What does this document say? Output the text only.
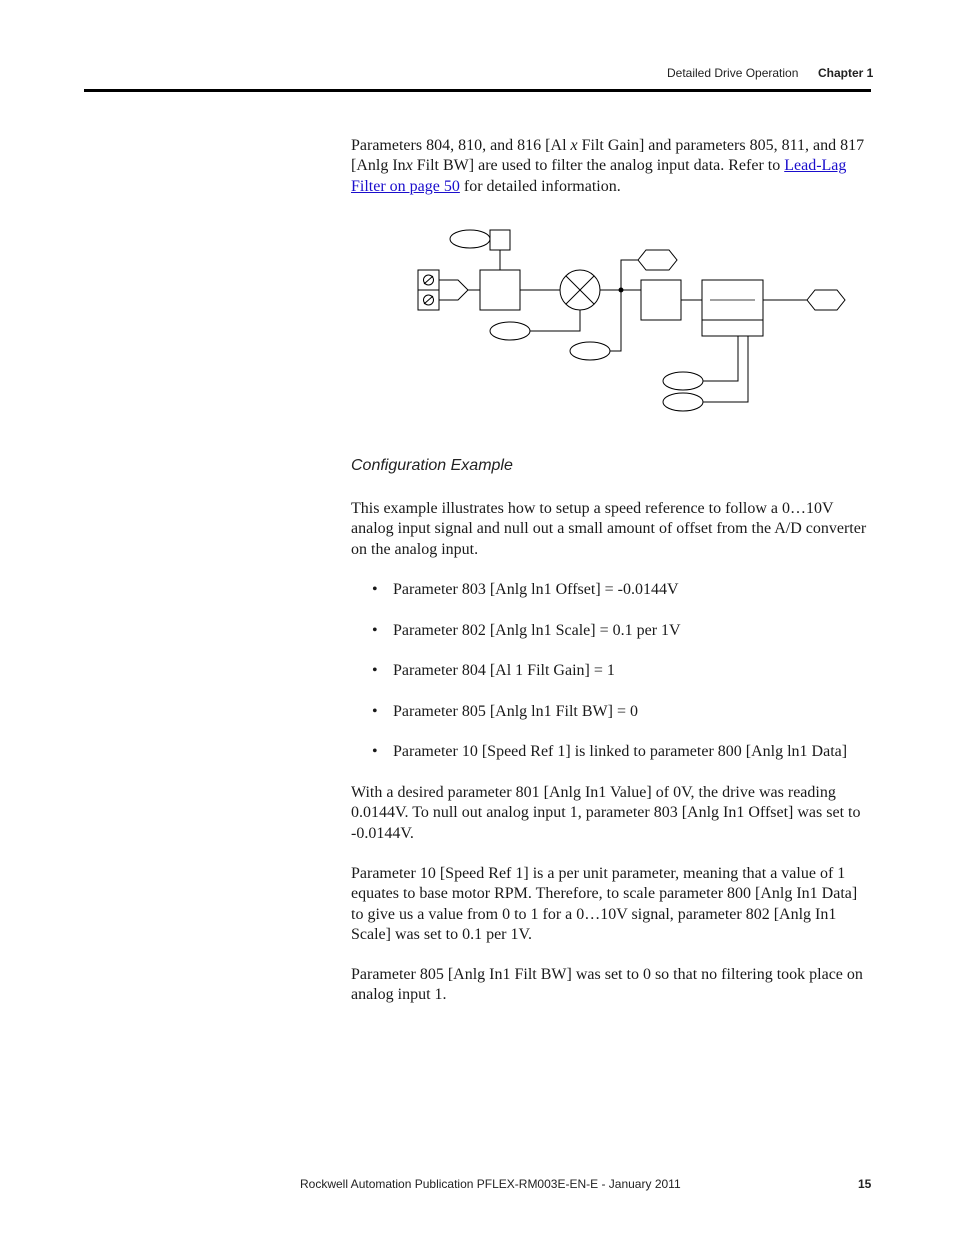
Detailed Drive Operation Chapter 1

Parameters 804, 810, and 816 [Al x Filt Gain] and parameters 805, 811, and 817 [Anlg Inx Filt BW] are used to filter the analog input data. Refer to Lead-Lag Filter on page 50 for detailed information.

Configuration Example

This example illustrates how to setup a speed reference to follow a 0…10V analog input signal and null out a small amount of offset from the A/D converter on the analog input.

• Parameter 803 [Anlg ln1 Offset] = -0.0144V

• Parameter 802 [Anlg ln1 Scale] = 0.1 per 1V

• Parameter 804 [Al 1 Filt Gain] = 1

• Parameter 805 [Anlg ln1 Filt BW] = 0

• Parameter 10 [Speed Ref 1] is linked to parameter 800 [Anlg ln1 Data]

With a desired parameter 801 [Anlg In1 Value] of 0V, the drive was reading 0.0144V. To null out analog input 1, parameter 803 [Anlg In1 Offset] was set to -0.0144V.

Parameter 10 [Speed Ref 1] is a per unit parameter, meaning that a value of 1 equates to base motor RPM. Therefore, to scale parameter 800 [Anlg In1 Data] to give us a value from 0 to 1 for a 0…10V signal, parameter 802 [Anlg In1 Scale] was set to 0.1 per 1V.

Parameter 805 [Anlg In1 Filt BW] was set to 0 so that no filtering took place on analog input 1.

Rockwell Automation Publication PFLEX-RM003E-EN-E - January 2011	15
